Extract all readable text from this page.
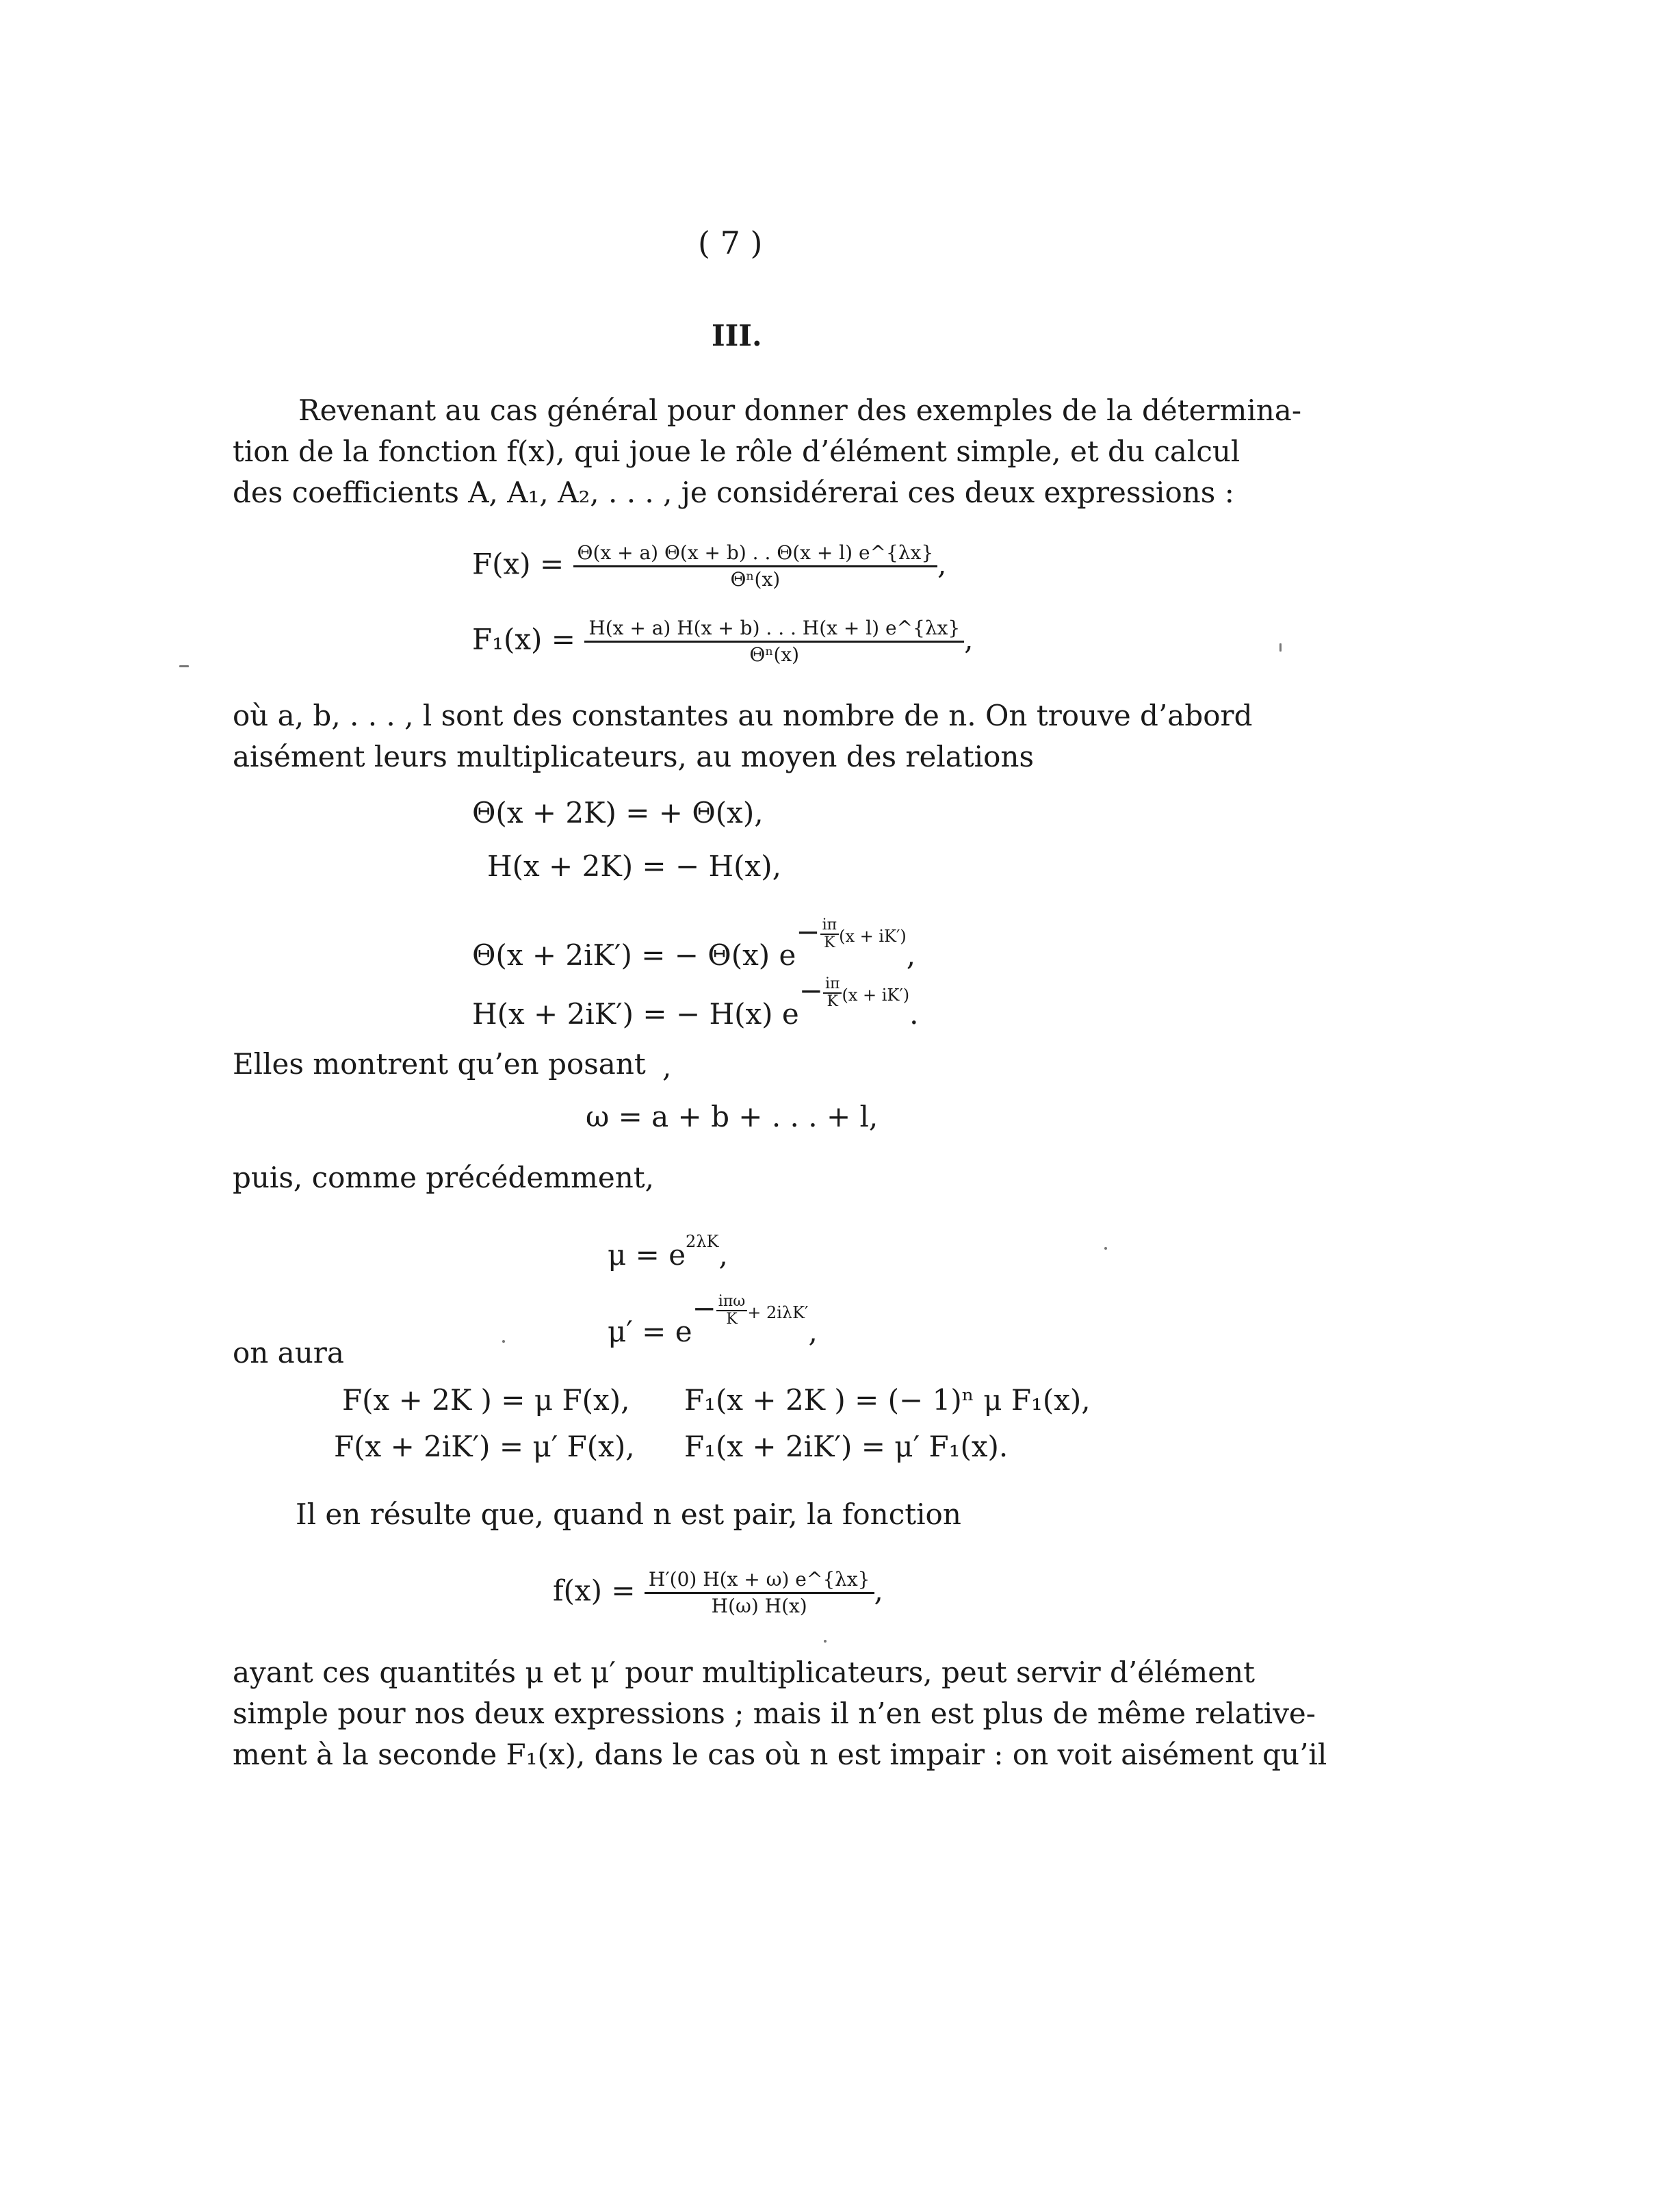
( 7 )
III.
Revenant au cas général pour donner des exemples de la détermina-
tion de la fonction f(x), qui joue le rôle d’élément simple, et du calcul
des coefficients A, A₁, A₂, . . . , je considérerai ces deux expressions :
$F(x) = \frac{\Theta(x + a) \Theta(x + b) . . \Theta(x + l) e\^{}\{\lambda x\}}{\text{Θⁿ(x)}}$ ,
$F_1(x) = \frac{H(x + a) H(x + b) . . . H(x + l) e\^{}\{\lambda x\}}{\text{Θⁿ(x)}}$ ,
où a, b, . . . , l sont des constantes au nombre de n. On trouve d’abord
aisément leurs multiplicateurs, au moyen des relations
Θ(x + 2K) = + Θ(x),
H(x + 2K) = − H(x),
Θ(x + 2iK′) = − Θ(x) $e- \frac{i\pi}{K} (x + iK')$,
H(x + 2iK′) = − H(x) $e- \frac{i\pi}{K} (x + iK')$.
Elles montrent qu’en posant ,
ω = a + b + . . . + l,
puis, comme précédemment,
$\mu = e^{2\lambda K}$,
$\mu' = e- \frac{\text{iπω}}{K} + 2i\lambda K'$,
on aura
F(x + 2K ) = μ F(x), F₁(x + 2K ) = (− 1)ⁿ μ F₁(x),
F(x + 2iK′) = μ′ F(x), F₁(x + 2iK′) = μ′ F₁(x).
Il en résulte que, quand n est pair, la fonction
$f(x) = \frac{H'(0) H(x + \omega) e\^{}\{\lambda x\}}{H(\omega) H(x)}$ ,
ayant ces quantités μ et μ′ pour multiplicateurs, peut servir d’élément
simple pour nos deux expressions ; mais il n’en est plus de même relative-
ment à la seconde F₁(x), dans le cas où n est impair : on voit aisément qu’il
